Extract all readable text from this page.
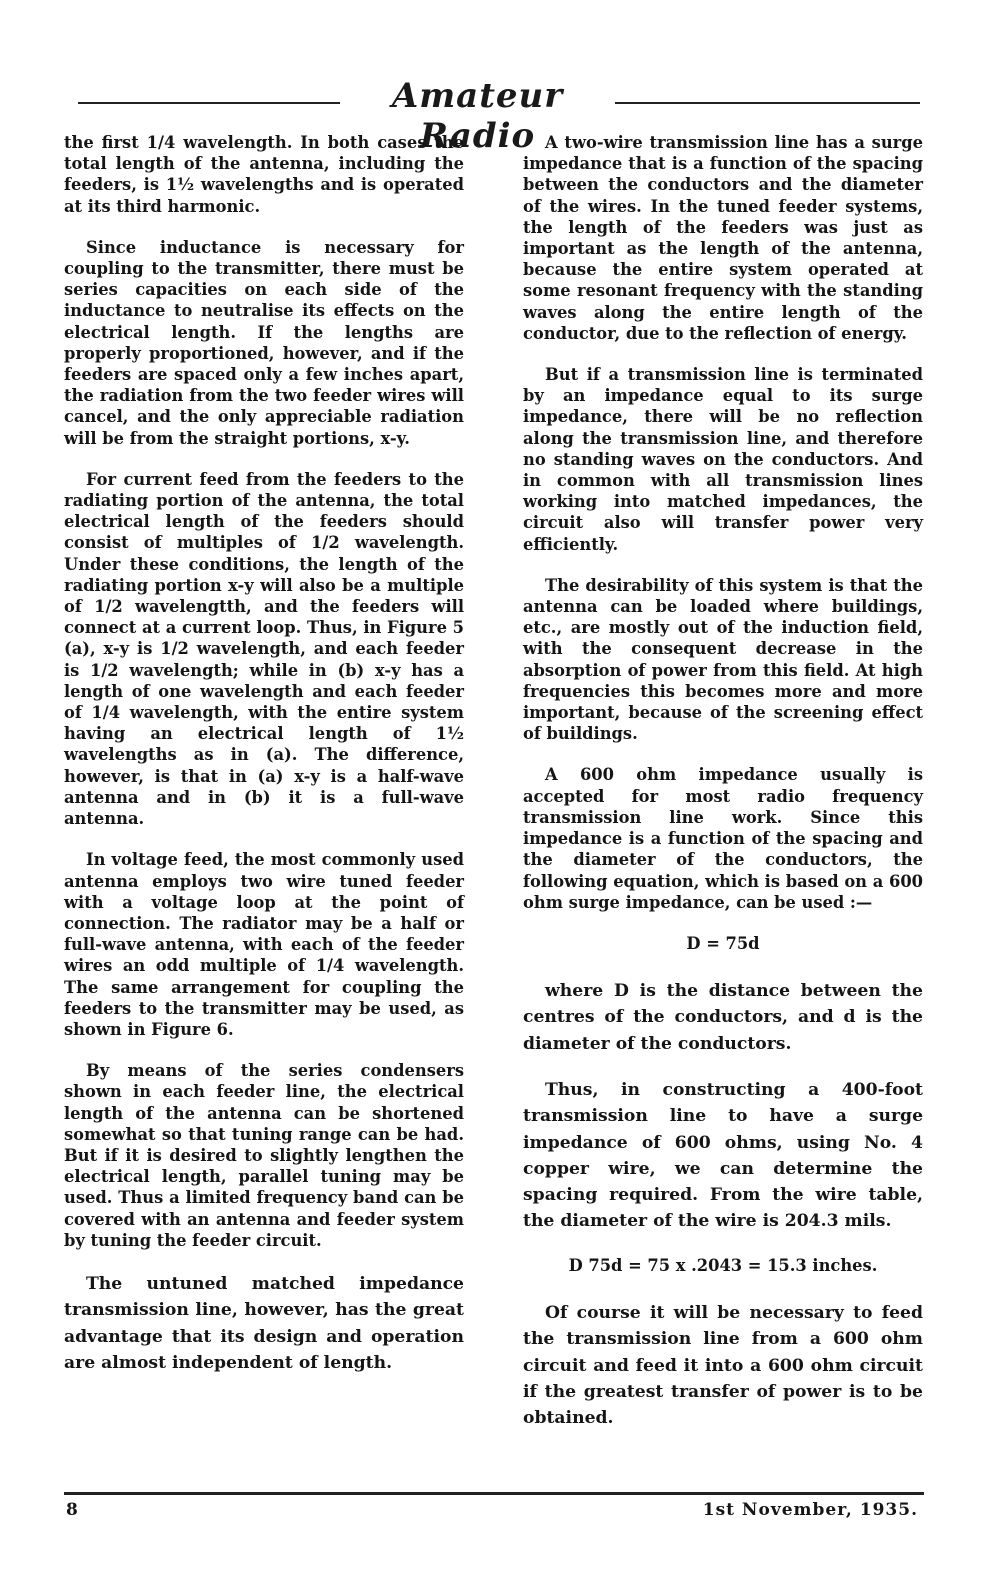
Amateur Radio

the first 1/4 wavelength. In both cases the total length of the antenna, including the feeders, is 1½ wavelengths and is operated at its third harmonic.

Since inductance is necessary for coupling to the transmitter, there must be series capacities on each side of the inductance to neutralise its effects on the electrical length. If the lengths are properly proportioned, however, and if the feeders are spaced only a few inches apart, the radiation from the two feeder wires will cancel, and the only appreciable radiation will be from the straight portions, x-y.

For current feed from the feeders to the radiating portion of the antenna, the total electrical length of the feeders should consist of multiples of 1/2 wavelength. Under these conditions, the length of the radiating portion x-y will also be a multiple of 1/2 wavelengtth, and the feeders will connect at a current loop. Thus, in Figure 5 (a), x-y is 1/2 wavelength, and each feeder is 1/2 wavelength; while in (b) x-y has a length of one wavelength and each feeder of 1/4 wavelength, with the entire system having an electrical length of 1½ wavelengths as in (a). The difference, however, is that in (a) x-y is a half-wave antenna and in (b) it is a full-wave antenna.

In voltage feed, the most commonly used antenna employs two wire tuned feeder with a voltage loop at the point of connection. The radiator may be a half or full-wave antenna, with each of the feeder wires an odd multiple of 1/4 wavelength. The same arrangement for coupling the feeders to the transmitter may be used, as shown in Figure 6.

By means of the series condensers shown in each feeder line, the electrical length of the antenna can be shortened somewhat so that tuning range can be had. But if it is desired to slightly lengthen the electrical length, parallel tuning may be used. Thus a limited frequency band can be covered with an antenna and feeder system by tuning the feeder circuit.

The untuned matched impedance transmission line, however, has the great advantage that its design and operation are almost independent of length.

A two-wire transmission line has a surge impedance that is a function of the spacing between the conductors and the diameter of the wires. In the tuned feeder systems, the length of the feeders was just as important as the length of the antenna, because the entire system operated at some resonant frequency with the standing waves along the entire length of the conductor, due to the reflection of energy.

But if a transmission line is terminated by an impedance equal to its surge impedance, there will be no reflection along the transmission line, and therefore no standing waves on the conductors. And in common with all transmission lines working into matched impedances, the circuit also will transfer power very efficiently.

The desirability of this system is that the antenna can be loaded where buildings, etc., are mostly out of the induction field, with the consequent decrease in the absorption of power from this field. At high frequencies this becomes more and more important, because of the screening effect of buildings.

A 600 ohm impedance usually is accepted for most radio frequency transmission line work. Since this impedance is a function of the spacing and the diameter of the conductors, the following equation, which is based on a 600 ohm surge impedance, can be used :—

D = 75d

where D is the distance between the centres of the conductors, and d is the diameter of the conductors.

Thus, in constructing a 400-foot transmission line to have a surge impedance of 600 ohms, using No. 4 copper wire, we can determine the spacing required. From the wire table, the diameter of the wire is 204.3 mils.

D 75d = 75 x .2043 = 15.3 inches.

Of course it will be necessary to feed the transmission line from a 600 ohm circuit and feed it into a 600 ohm circuit if the greatest transfer of power is to be obtained.

8	1st November, 1935.
